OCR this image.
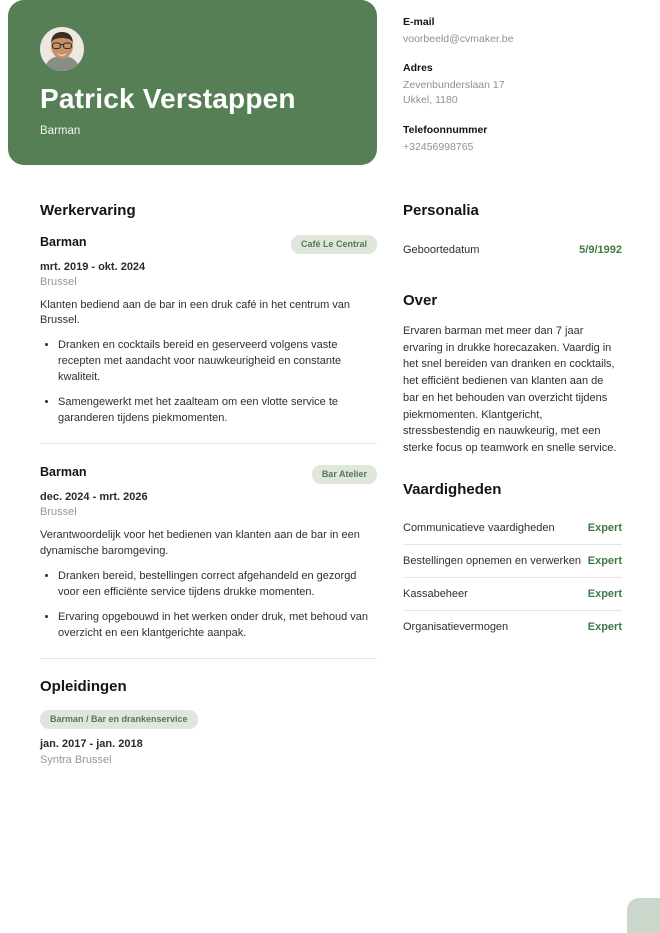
Patrick Verstappen
Barman
E-mail
voorbeeld@cvmaker.be
Adres
Zevenbunderslaan 17
Ukkel, 1180
Telefoonnummer
+32456998765
Werkervaring
Barman	Café Le Central
mrt. 2019 - okt. 2024
Brussel
Klanten bediend aan de bar in een druk café in het centrum van Brussel.
• Dranken en cocktails bereid en geserveerd volgens vaste recepten met aandacht voor nauwkeurigheid en constante kwaliteit.
• Samengewerkt met het zaalteam om een vlotte service te garanderen tijdens piekmomenten.
Barman	Bar Atelier
dec. 2024 - mrt. 2026
Brussel
Verantwoordelijk voor het bedienen van klanten aan de bar in een dynamische baromgeving.
• Dranken bereid, bestellingen correct afgehandeld en gezorgd voor een efficiënte service tijdens drukke momenten.
• Ervaring opgebouwd in het werken onder druk, met behoud van overzicht en een klantgerichte aanpak.
Opleidingen
Barman / Bar en drankenservice
jan. 2017 - jan. 2018
Syntra Brussel
Personalia
Geboortedatum	5/9/1992
Over

Ervaren barman met meer dan 7 jaar ervaring in drukke horecazaken. Vaardig in het snel bereiden van dranken en cocktails, het efficiënt bedienen van klanten aan de bar en het behouden van overzicht tijdens piekmomenten. Klantgericht, stressbestendig en nauwkeurig, met een sterke focus op teamwork en snelle service.

Vaardigheden
Communicatieve vaardigheden	Expert
Bestellingen opnemen en verwerken Expert
Kassabeheer	Expert
Organisatievermogen	Expert
